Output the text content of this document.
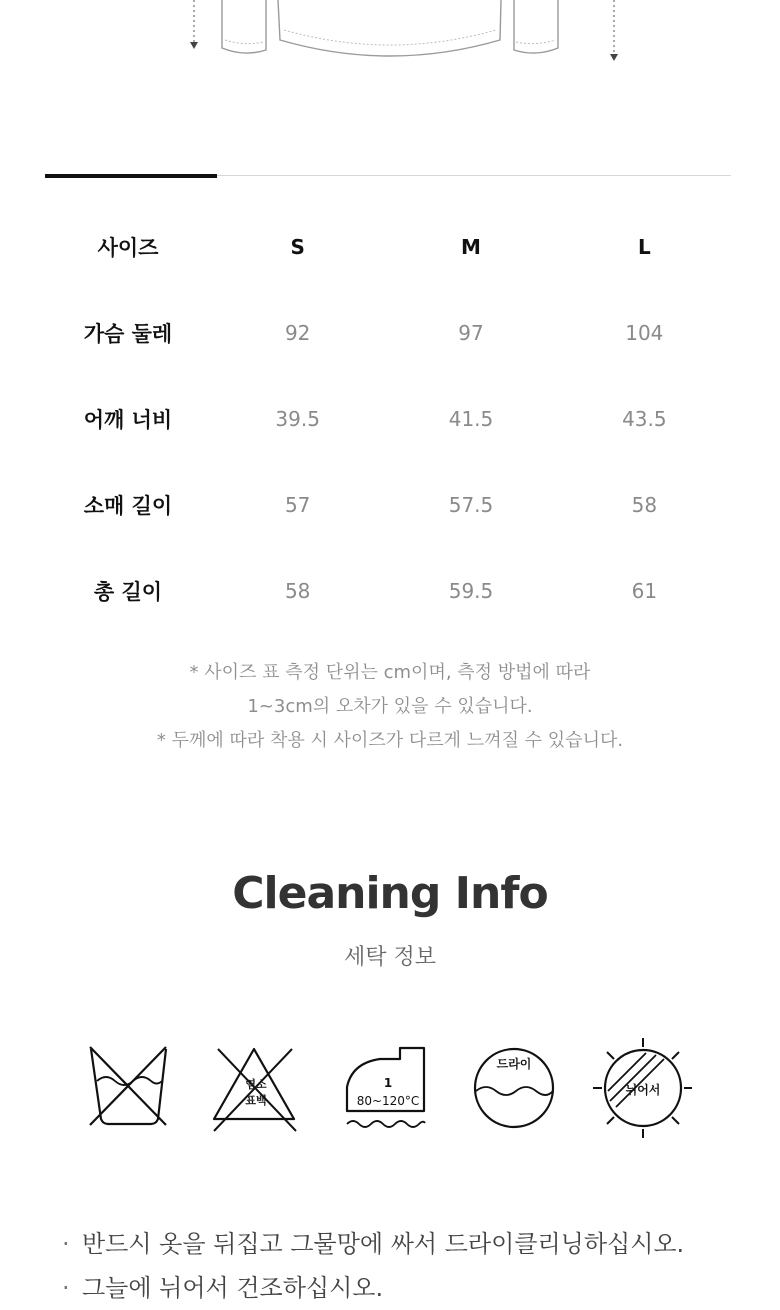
사이즈	S	M	L
가슴 둘레	92	97	104
어깨 너비	39.5	41.5	43.5
소매 길이	57	57.5	58
총 길이	58	59.5	61
* 사이즈 표 측정 단위는 cm이며, 측정 방법에 따라
1~3cm의 오차가 있을 수 있습니다.
* 두께에 따라 착용 시 사이즈가 다르게 느껴질 수 있습니다.
Cleaning Info
세탁 정보
염소
표백
1
80~120°C
드라이
뉘어서
· 반드시 옷을 뒤집고 그물망에 싸서 드라이클리닝하십시오.
· 그늘에 뉘어서 건조하십시오.
